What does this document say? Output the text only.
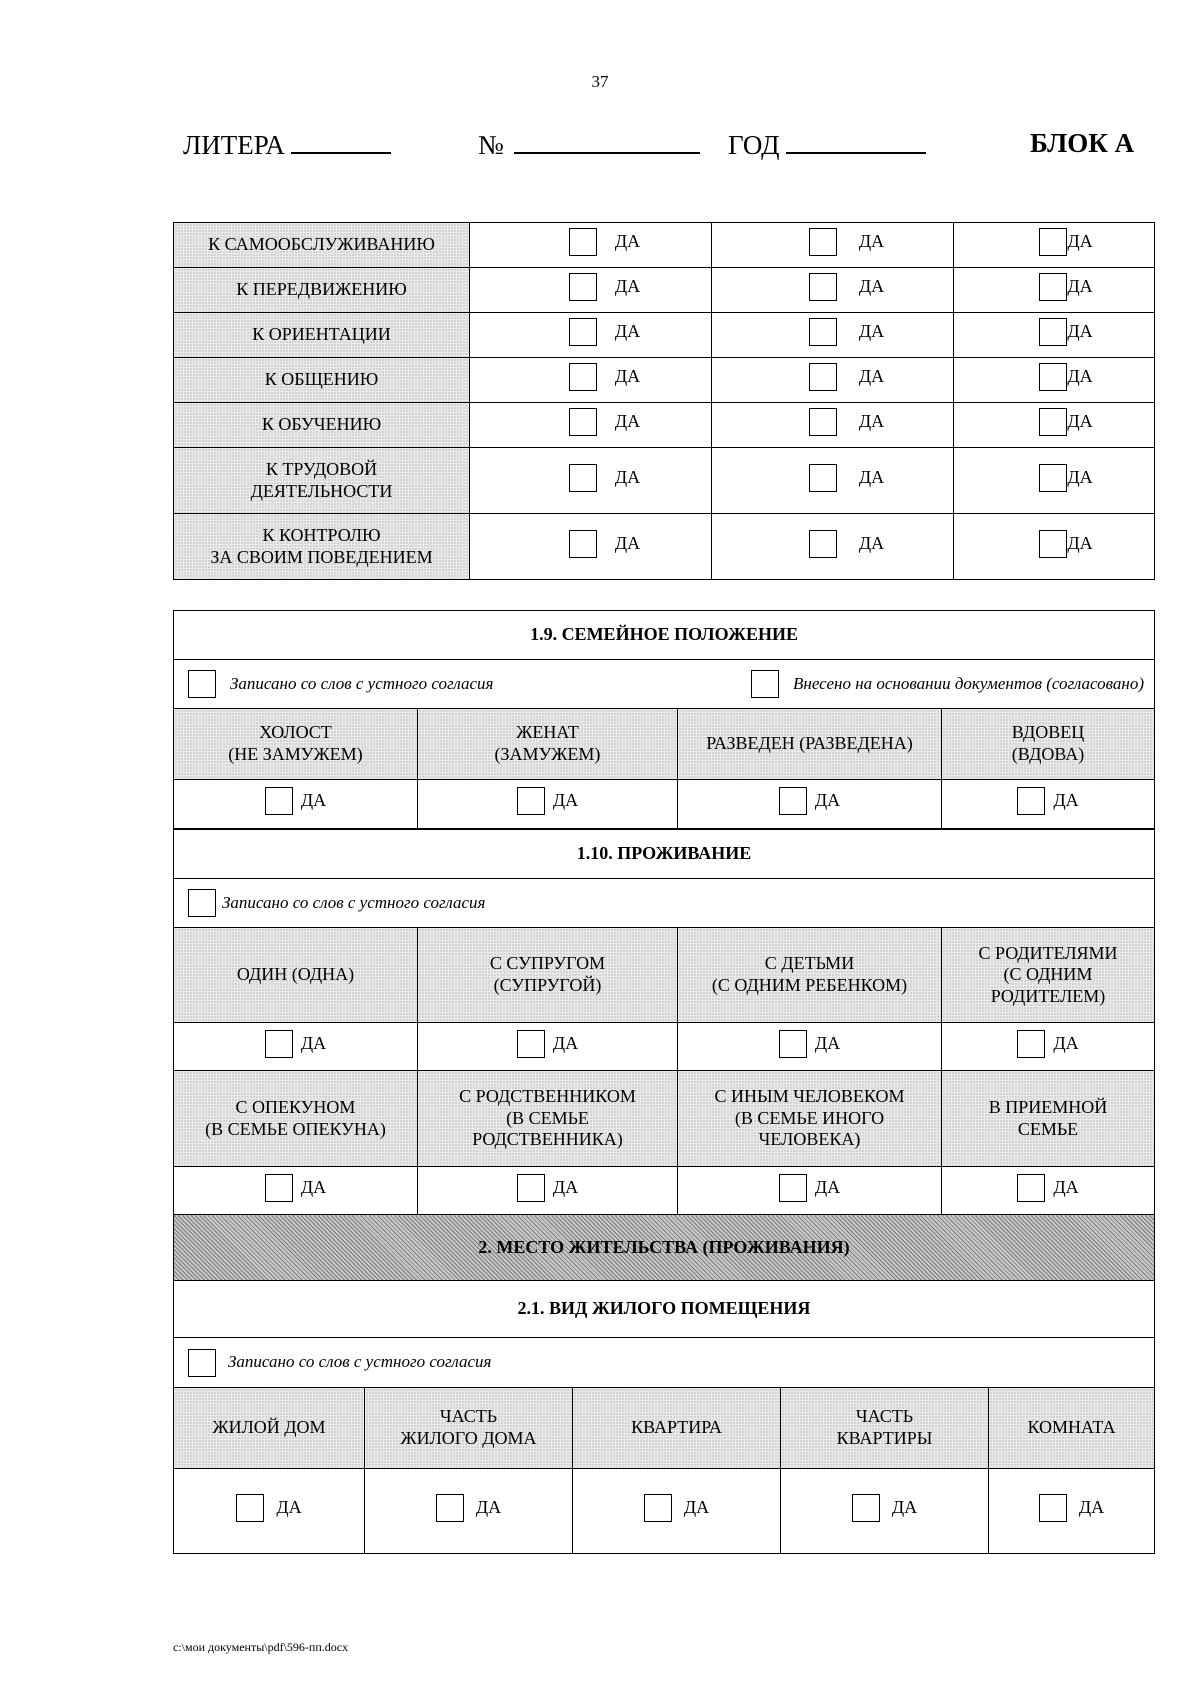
37
ЛИТЕРА	№	ГОД	БЛОК А
К САМООБСЛУЖИВАНИЮ	ДА	ДА	ДА

К ПЕРЕДВИЖЕНИЮ	ДА	ДА	ДА

К ОРИЕНТАЦИИ	ДА	ДА	ДА

К ОБЩЕНИЮ	ДА	ДА	ДА

К ОБУЧЕНИЮ	ДА	ДА	ДА

К ТРУДОВОЙ
ДЕЯТЕЛЬНОСТИ	ДА	ДА	ДА

К КОНТРОЛЮ
ЗА СВОИМ ПОВЕДЕНИЕМ	ДА	ДА	ДА
1.9. СЕМЕЙНОЕ ПОЛОЖЕНИЕ			

Записано со слов с устного согласия Внесено на основании документов (согласовано)			

ХОЛОСТ
(НЕ ЗАМУЖЕМ)	ЖЕНАТ
(ЗАМУЖЕМ)	РАЗВЕДЕН (РАЗВЕДЕНА)	ВДОВЕЦ
(ВДОВА)

ДА	ДА	ДА	ДА
1.10. ПРОЖИВАНИЕ			

Записано со слов с устного согласия			

ОДИН (ОДНА)	С СУПРУГОМ
(СУПРУГОЙ)	С ДЕТЬМИ
(С ОДНИМ РЕБЕНКОМ)	С РОДИТЕЛЯМИ
(С ОДНИМ
РОДИТЕЛЕМ)

ДА	ДА	ДА	ДА

С ОПЕКУНОМ
(В СЕМЬЕ ОПЕКУНА)	С РОДСТВЕННИКОМ
(В СЕМЬЕ
РОДСТВЕННИКА)	С ИНЫМ ЧЕЛОВЕКОМ
(В СЕМЬЕ ИНОГО
ЧЕЛОВЕКА)	В ПРИЕМНОЙ
СЕМЬЕ

ДА	ДА	ДА	ДА
2. МЕСТО ЖИТЕЛЬСТВА (ПРОЖИВАНИЯ)				
2.1. ВИД ЖИЛОГО ПОМЕЩЕНИЯ				

Записано со слов с устного согласия				

ЖИЛОЙ ДОМ	ЧАСТЬ
ЖИЛОГО ДОМА	КВАРТИРА	ЧАСТЬ
КВАРТИРЫ	КОМНАТА

ДА	ДА	ДА	ДА	ДА
c:\мои документы\pdf\596-пп.docx
